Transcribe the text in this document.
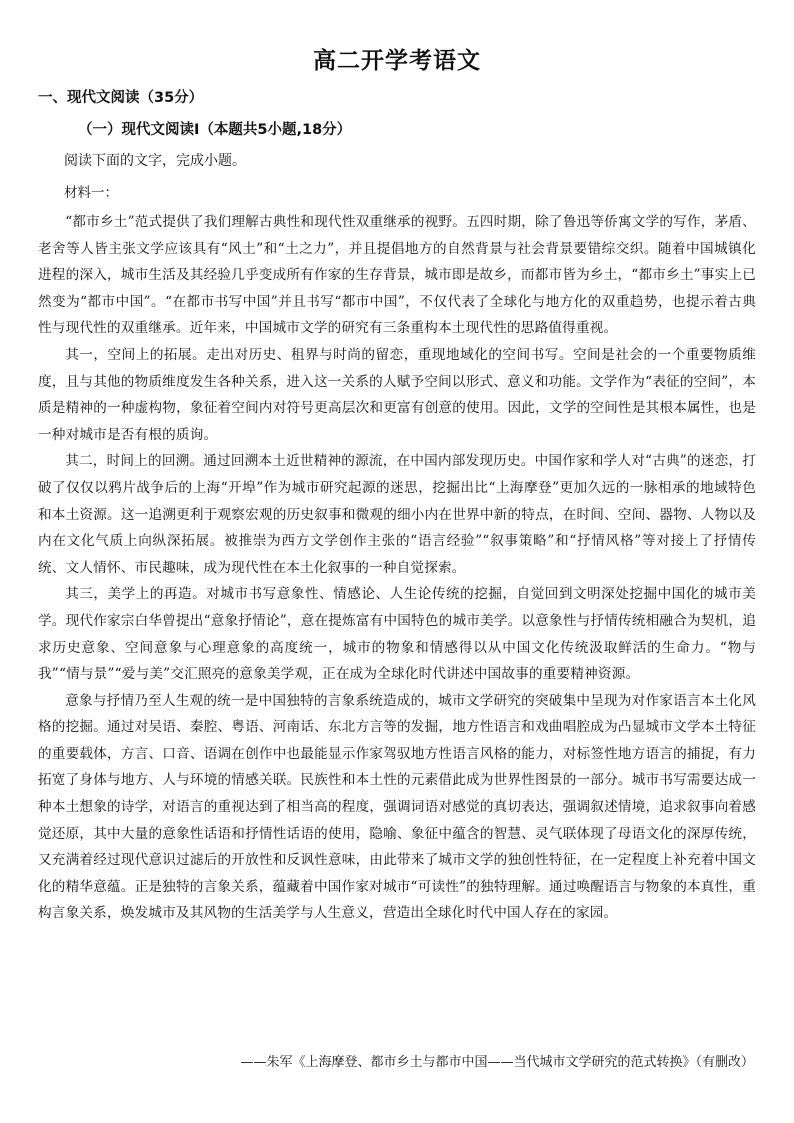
高二开学考语文
一、现代文阅读（35分）
（一）现代文阅读Ⅰ（本题共5小题,18分）
阅读下面的文字，完成小题。
材料一：

“都市乡土”范式提供了我们理解古典性和现代性双重继承的视野。五四时期，除了鲁迅等侨寓文学的写作，茅盾、老舍等人皆主张文学应该具有“风土”和“土之力”，并且提倡地方的自然背景与社会背景要错综交织。随着中国城镇化进程的深入，城市生活及其经验几乎变成所有作家的生存背景，城市即是故乡，而都市皆为乡土，“都市乡土”事实上已然变为“都市中国”。“在都市书写中国”并且书写“都市中国”，不仅代表了全球化与地方化的双重趋势，也提示着古典性与现代性的双重继承。近年来，中国城市文学的研究有三条重构本土现代性的思路值得重视。

其一，空间上的拓展。走出对历史、租界与时尚的留恋，重现地域化的空间书写。空间是社会的一个重要物质维度，且与其他的物质维度发生各种关系，进入这一关系的人赋予空间以形式、意义和功能。文学作为“表征的空间”，本质是精神的一种虚构物，象征着空间内对符号更高层次和更富有创意的使用。因此，文学的空间性是其根本属性，也是一种对城市是否有根的质询。

其二，时间上的回溯。通过回溯本土近世精神的源流，在中国内部发现历史。中国作家和学人对“古典”的迷恋，打破了仅仅以鸦片战争后的上海“开埠”作为城市研究起源的迷思，挖掘出比“上海摩登”更加久远的一脉相承的地域特色和本土资源。这一追溯更利于观察宏观的历史叙事和微观的细小内在世界中新的特点，在时间、空间、器物、人物以及内在文化气质上向纵深拓展。被推崇为西方文学创作主张的“语言经验”“叙事策略”和“抒情风格”等对接上了抒情传统、文人情怀、市民趣味，成为现代性在本土化叙事的一种自觉探索。

其三，美学上的再造。对城市书写意象性、情感论、人生论传统的挖掘，自觉回到文明深处挖掘中国化的城市美学。现代作家宗白华曾提出“意象抒情论”，意在提炼富有中国特色的城市美学。以意象性与抒情传统相融合为契机，追求历史意象、空间意象与心理意象的高度统一，城市的物象和情感得以从中国文化传统汲取鲜活的生命力。“物与我”“情与景”“爱与美”交汇照亮的意象美学观，正在成为全球化时代讲述中国故事的重要精神资源。

意象与抒情乃至人生观的统一是中国独特的言象系统造成的，城市文学研究的突破集中呈现为对作家语言本土化风格的挖掘。通过对吴语、秦腔、粤语、河南话、东北方言等的发掘，地方性语言和戏曲唱腔成为凸显城市文学本土特征的重要载体，方言、口音、语调在创作中也最能显示作家驾驭地方性语言风格的能力，对标签性地方语言的捕捉，有力拓宽了身体与地方、人与环境的情感关联。民族性和本土性的元素借此成为世界性图景的一部分。城市书写需要达成一种本土想象的诗学，对语言的重视达到了相当高的程度，强调词语对感觉的真切表达，强调叙述情境，追求叙事向着感觉还原，其中大量的意象性话语和抒情性话语的使用，隐喻、象征中蕴含的智慧、灵气联体现了母语文化的深厚传统，又充满着经过现代意识过滤后的开放性和反讽性意味，由此带来了城市文学的独创性特征，在一定程度上补充着中国文化的精华意蕴。正是独特的言象关系，蕴藏着中国作家对城市“可读性”的独特理解。通过唤醒语言与物象的本真性，重构言象关系，焕发城市及其风物的生活美学与人生意义，营造出全球化时代中国人存在的家园。

——朱军《上海摩登、都市乡土与都市中国——当代城市文学研究的范式转换》（有删改）
